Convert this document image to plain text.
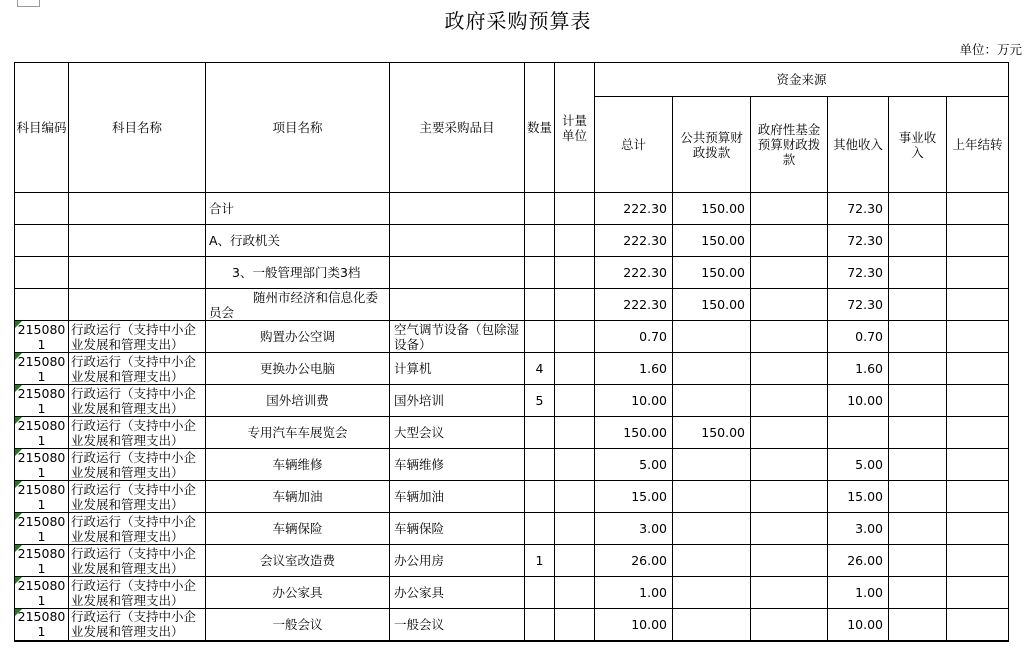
政府采购预算表
单位：万元
科目编码	科目名称	项目名称	主要采购品目	数量	计量单位	资金来源					
						总计	公共预算财政拨款	政府性基金预算财政拨款	其他收入	事业收入	上年结转
		合计				222.30	150.00		72.30		
		A、行政机关				222.30	150.00		72.30		
		3、一般管理部门类3档				222.30	150.00		72.30		
		随州市经济和信息化委员会				222.30	150.00		72.30		
2150801	行政运行（支持中小企业发展和管理支出）	购置办公空调	空气调节设备（包除湿设备）			0.70			0.70		
2150801	行政运行（支持中小企业发展和管理支出）	更换办公电脑	计算机	4		1.60			1.60		
2150801	行政运行（支持中小企业发展和管理支出）	国外培训费	国外培训	5		10.00			10.00		
2150801	行政运行（支持中小企业发展和管理支出）	专用汽车车展览会	大型会议			150.00	150.00				
2150801	行政运行（支持中小企业发展和管理支出）	车辆维修	车辆维修			5.00			5.00		
2150801	行政运行（支持中小企业发展和管理支出）	车辆加油	车辆加油			15.00			15.00		
2150801	行政运行（支持中小企业发展和管理支出）	车辆保险	车辆保险			3.00			3.00		
2150801	行政运行（支持中小企业发展和管理支出）	会议室改造费	办公用房	1		26.00			26.00		
2150801	行政运行（支持中小企业发展和管理支出）	办公家具	办公家具			1.00			1.00		
2150801	行政运行（支持中小企业发展和管理支出）	一般会议	一般会议			10.00			10.00		
